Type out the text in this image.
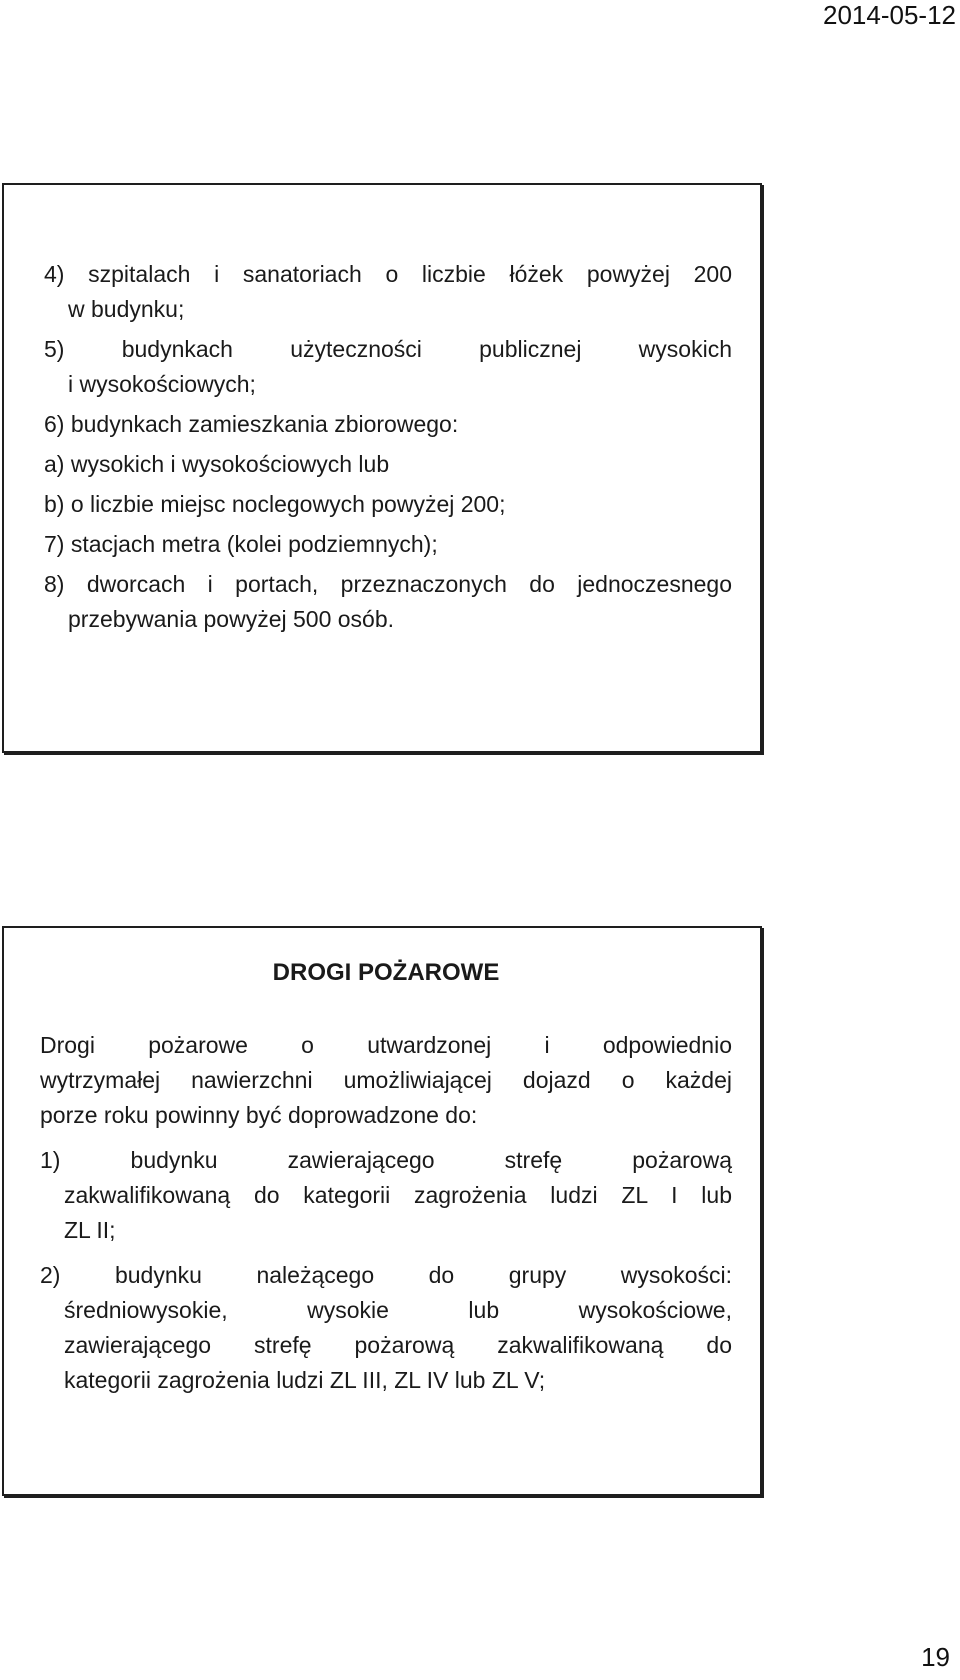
2014-05-12

4) szpitalach i sanatoriach o liczbie łóżek powyżej 200

w budynku;

5) budynkach użyteczności publicznej wysokich

i wysokościowych;

6) budynkach zamieszkania zbiorowego:

a) wysokich i wysokościowych lub

b) o liczbie miejsc noclegowych powyżej 200;

7) stacjach metra (kolei podziemnych);

8) dworcach i portach, przeznaczonych do jednoczesnego

przebywania powyżej 500 osób.

DROGI POŻAROWE

Drogi pożarowe o utwardzonej i odpowiednio

wytrzymałej nawierzchni umożliwiającej dojazd o każdej

porze roku powinny być doprowadzone do:

1) budynku zawierającego strefę pożarową

zakwalifikowaną do kategorii zagrożenia ludzi ZL I lub

ZL II;

2) budynku należącego do grupy wysokości:

średniowysokie, wysokie lub wysokościowe,

zawierającego strefę pożarową zakwalifikowaną do

kategorii zagrożenia ludzi ZL III, ZL IV lub ZL V;

19
